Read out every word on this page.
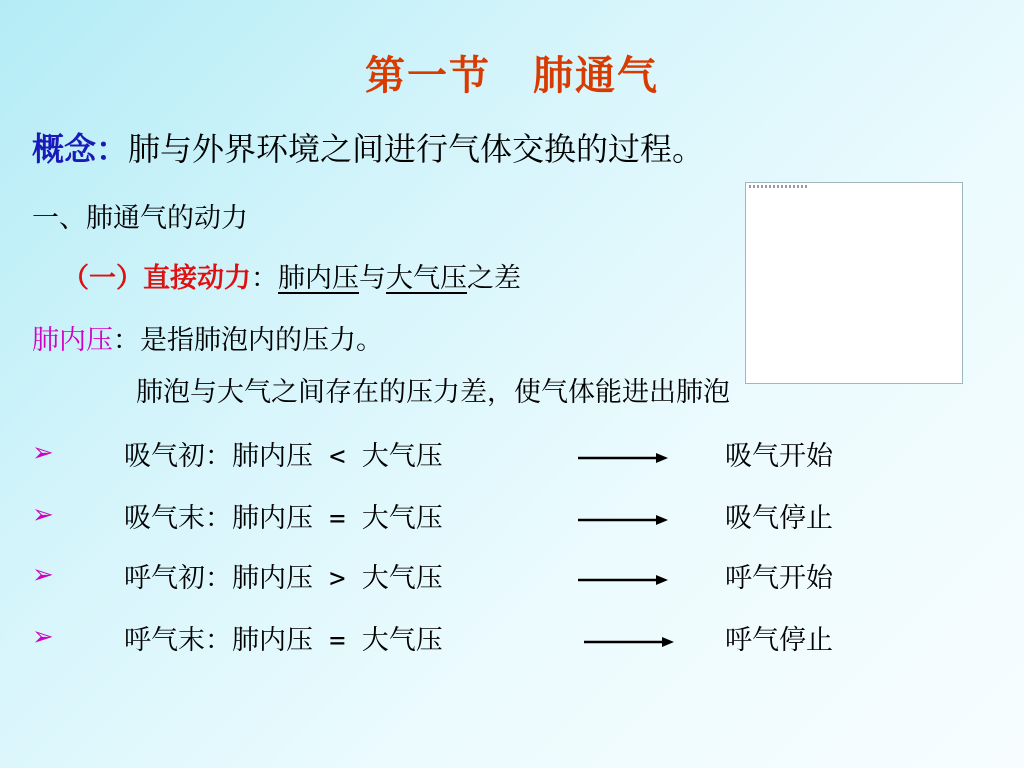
第一节　肺通气
概念：肺与外界环境之间进行气体交换的过程。
一、肺通气的动力
（一）直接动力：肺内压与大气压之差
肺内压：是指肺泡内的压力。
肺泡与大气之间存在的压力差，使气体能进出肺泡
➢	吸气初：肺内压 < 大气压	吸气开始
➢	吸气末：肺内压 = 大气压	吸气停止
➢	呼气初：肺内压 > 大气压	呼气开始
➢	呼气末：肺内压 = 大气压	呼气停止
